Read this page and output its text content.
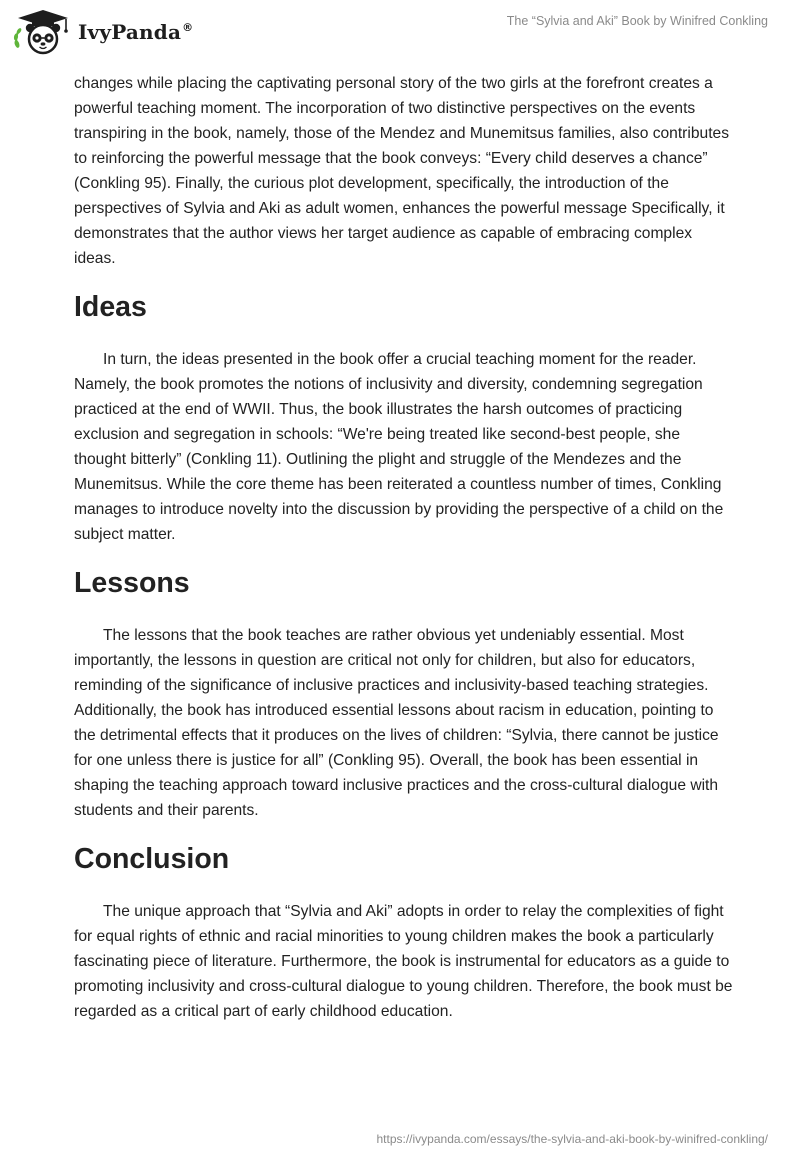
IvyPanda®	The “Sylvia and Aki” Book by Winifred Conkling

changes while placing the captivating personal story of the two girls at the forefront creates a powerful teaching moment. The incorporation of two distinctive perspectives on the events transpiring in the book, namely, those of the Mendez and Munemitsus families, also contributes to reinforcing the powerful message that the book conveys: “Every child deserves a chance” (Conkling 95). Finally, the curious plot development, specifically, the introduction of the perspectives of Sylvia and Aki as adult women, enhances the powerful message Specifically, it demonstrates that the author views her target audience as capable of embracing complex ideas.

Ideas

In turn, the ideas presented in the book offer a crucial teaching moment for the reader. Namely, the book promotes the notions of inclusivity and diversity, condemning segregation practiced at the end of WWII. Thus, the book illustrates the harsh outcomes of practicing exclusion and segregation in schools: “We're being treated like second-best people, she thought bitterly” (Conkling 11). Outlining the plight and struggle of the Mendezes and the Munemitsus. While the core theme has been reiterated a countless number of times, Conkling manages to introduce novelty into the discussion by providing the perspective of a child on the subject matter.

Lessons

The lessons that the book teaches are rather obvious yet undeniably essential. Most importantly, the lessons in question are critical not only for children, but also for educators, reminding of the significance of inclusive practices and inclusivity-based teaching strategies. Additionally, the book has introduced essential lessons about racism in education, pointing to the detrimental effects that it produces on the lives of children: “Sylvia, there cannot be justice for one unless there is justice for all” (Conkling 95). Overall, the book has been essential in shaping the teaching approach toward inclusive practices and the cross-cultural dialogue with students and their parents.

Conclusion

The unique approach that “Sylvia and Aki” adopts in order to relay the complexities of fight for equal rights of ethnic and racial minorities to young children makes the book a particularly fascinating piece of literature. Furthermore, the book is instrumental for educators as a guide to promoting inclusivity and cross-cultural dialogue to young children. Therefore, the book must be regarded as a critical part of early childhood education.

https://ivypanda.com/essays/the-sylvia-and-aki-book-by-winifred-conkling/
